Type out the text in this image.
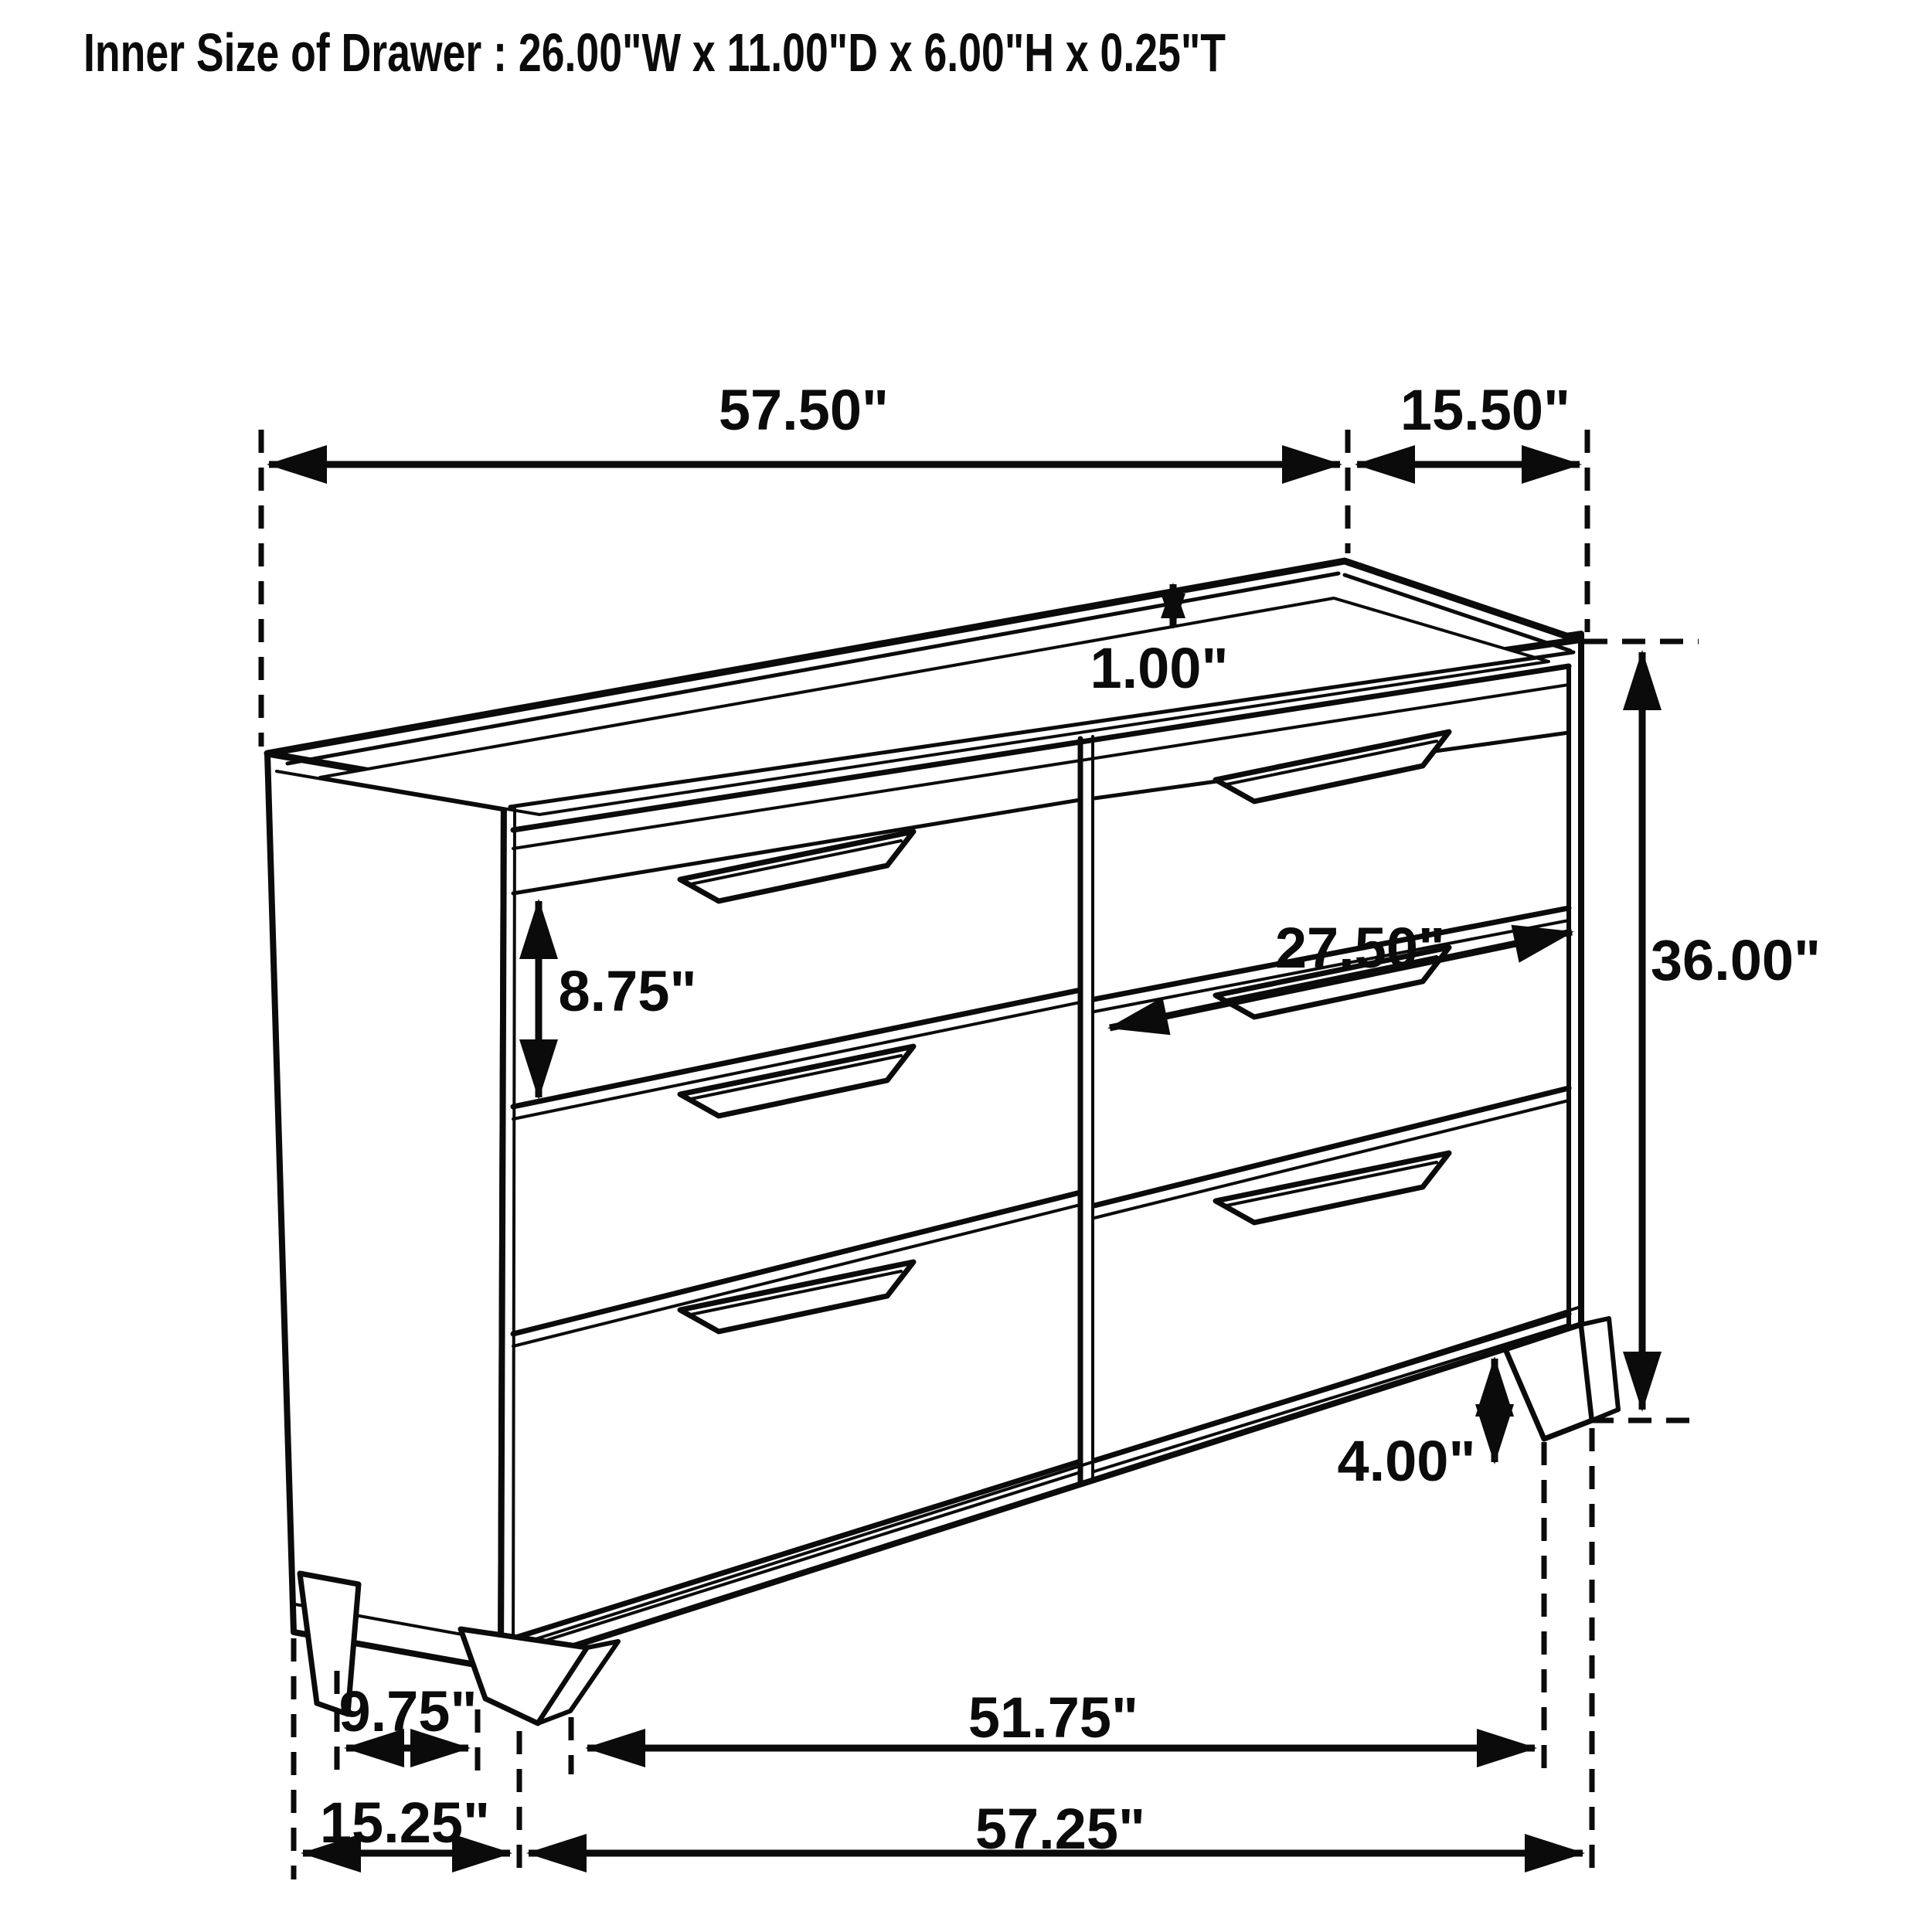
Inner Size of Drawer : 26.00"W x 11.00"D x 6.00"H x 0.25"T
57.50"	15.50"
1.00"
27.50"	36.00"
8.75"
4.00"
9.75"	51.75"
15.25"	57.25"
